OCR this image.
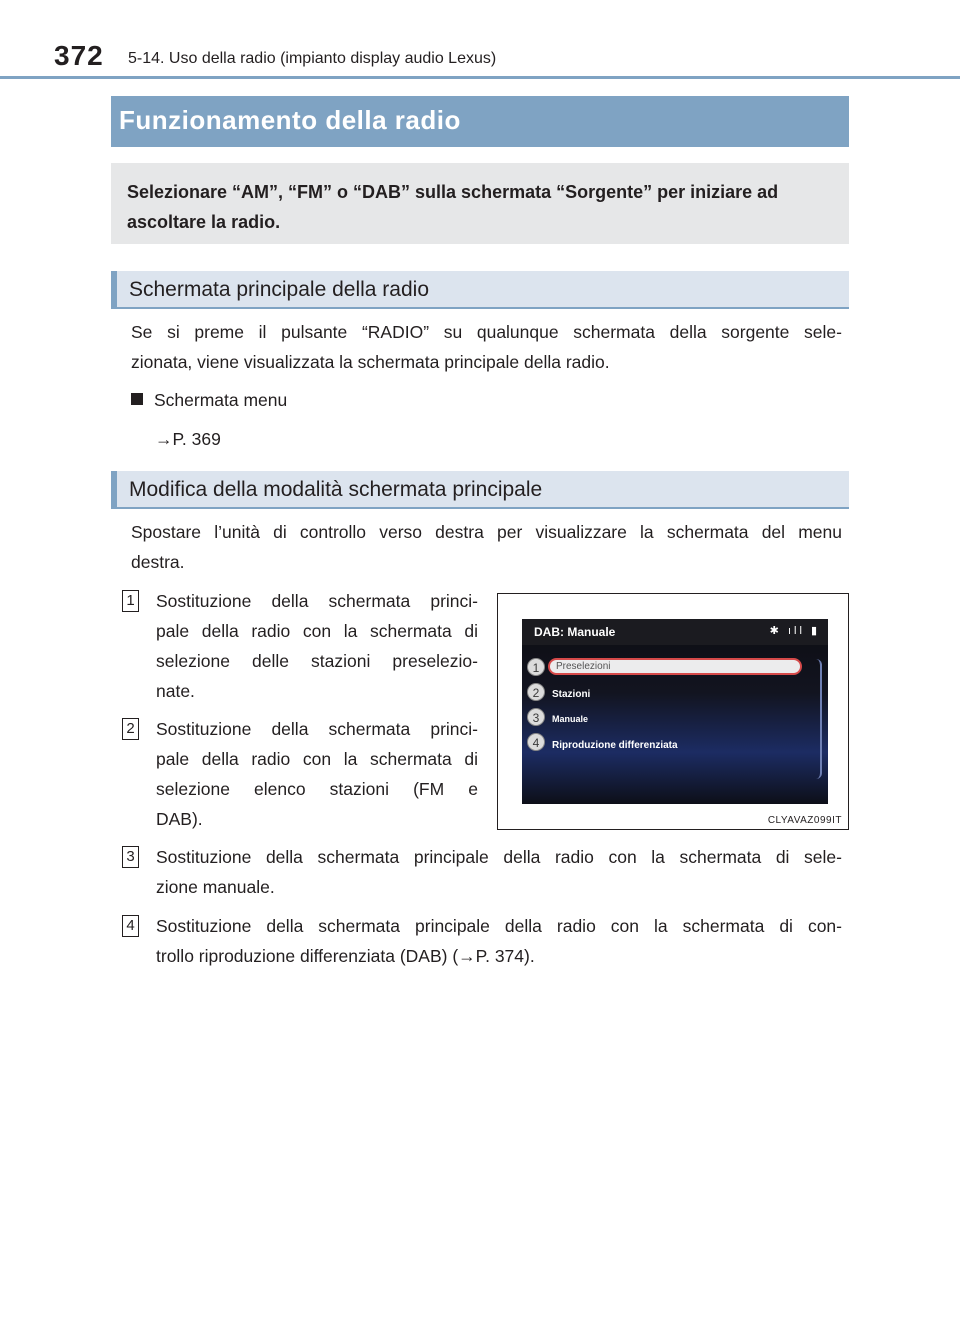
372 5-14. Uso della radio (impianto display audio Lexus)
Funzionamento della radio
Selezionare “AM”, “FM” o “DAB” sulla schermata “Sorgente” per iniziare ad ascoltare la radio.
Schermata principale della radio
Se si preme il pulsante “RADIO” su qualunque schermata della sorgente sele-
zionata, viene visualizzata la schermata principale della radio.
Schermata menu
→P. 369
Modifica della modalità schermata principale
Spostare l’unità di controllo verso destra per visualizzare la schermata del menu
destra.
1 Sostituzione della schermata princi-
pale della radio con la schermata di
selezione delle stazioni preselezio-
nate.
2 Sostituzione della schermata princi-
pale della radio con la schermata di
selezione elenco stazioni (FM e
DAB).
DAB: Manuale	✱ ıll ▮
Preselezioni
Stazioni
Manuale
Riproduzione differenziata
1
2
3
4
CLYAVAZ099IT
3 Sostituzione della schermata principale della radio con la schermata di sele-
zione manuale.
4 Sostituzione della schermata principale della radio con la schermata di con-
trollo riproduzione differenziata (DAB) (→P. 374).
